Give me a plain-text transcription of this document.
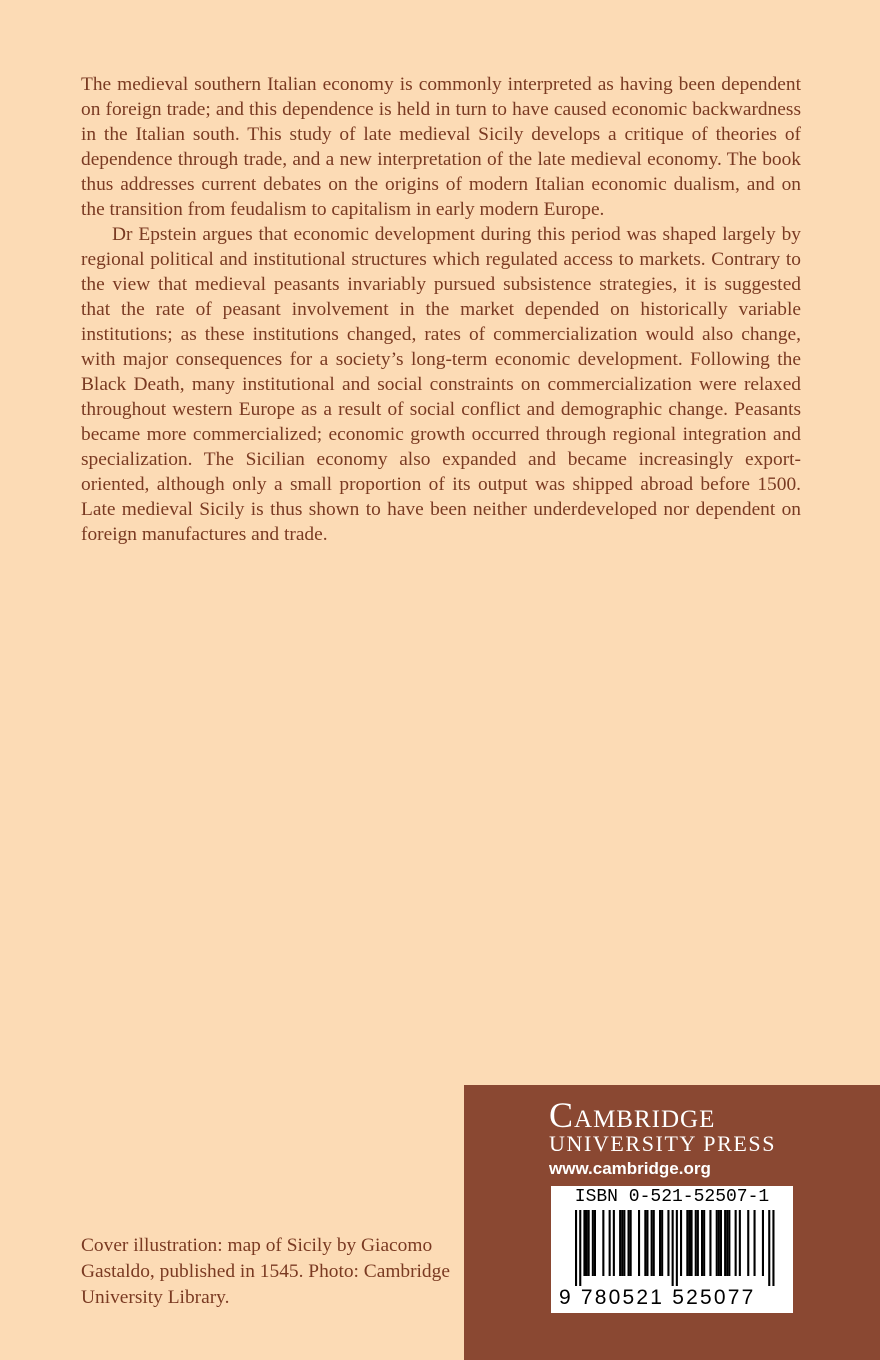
The medieval southern Italian economy is commonly interpreted as having been dependent on foreign trade; and this dependence is held in turn to have caused economic backwardness in the Italian south. This study of late medieval Sicily develops a critique of theories of dependence through trade, and a new interpretation of the late medieval economy. The book thus addresses current debates on the origins of modern Italian economic dualism, and on the transition from feudalism to capitalism in early modern Europe.

Dr Epstein argues that economic development during this period was shaped largely by regional political and institutional structures which regulated access to markets. Contrary to the view that medieval peasants invariably pursued subsistence strategies, it is suggested that the rate of peasant involvement in the market depended on historically variable institutions; as these institutions changed, rates of commercialization would also change, with major consequences for a society’s long-term economic development. Following the Black Death, many institutional and social constraints on commercialization were relaxed throughout western Europe as a result of social conflict and demographic change. Peasants became more commercialized; economic growth occurred through regional integration and specialization. The Sicilian economy also expanded and became increasingly export-oriented, although only a small proportion of its output was shipped abroad before 1500. Late medieval Sicily is thus shown to have been neither underdeveloped nor dependent on foreign manufactures and trade.

Cover illustration: map of Sicily by Giacomo Gastaldo, published in 1545. Photo: Cambridge University Library.

Cambridge

UNIVERSITY PRESS

www.cambridge.org

ISBN 0-521-52507-1

9 780521 525077
